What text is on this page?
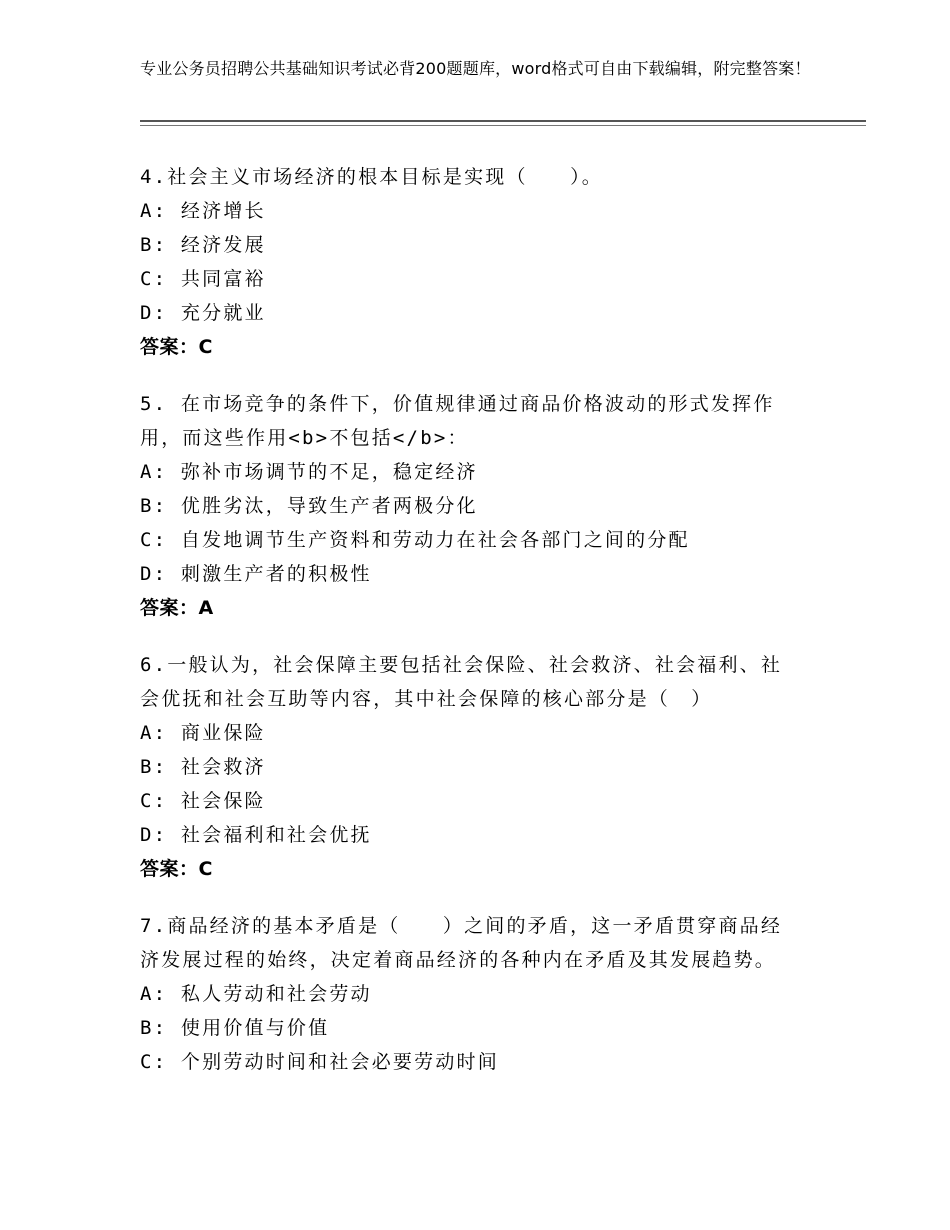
专业公务员招聘公共基础知识考试必背200题题库，word格式可自由下载编辑，附完整答案！
4.社会主义市场经济的根本目标是实现（　　）。
A: 经济增长
B: 经济发展
C: 共同富裕
D: 充分就业
答案：C
5. 在市场竞争的条件下，价值规律通过商品价格波动的形式发挥作
用，而这些作用<b>不包括</b>：
A: 弥补市场调节的不足，稳定经济
B: 优胜劣汰，导致生产者两极分化
C: 自发地调节生产资料和劳动力在社会各部门之间的分配
D: 刺激生产者的积极性
答案：A
6.一般认为，社会保障主要包括社会保险、社会救济、社会福利、社
会优抚和社会互助等内容，其中社会保障的核心部分是（　）
A: 商业保险
B: 社会救济
C: 社会保险
D: 社会福利和社会优抚
答案：C
7.商品经济的基本矛盾是（　　）之间的矛盾，这一矛盾贯穿商品经
济发展过程的始终，决定着商品经济的各种内在矛盾及其发展趋势。
A: 私人劳动和社会劳动
B: 使用价值与价值
C: 个别劳动时间和社会必要劳动时间
